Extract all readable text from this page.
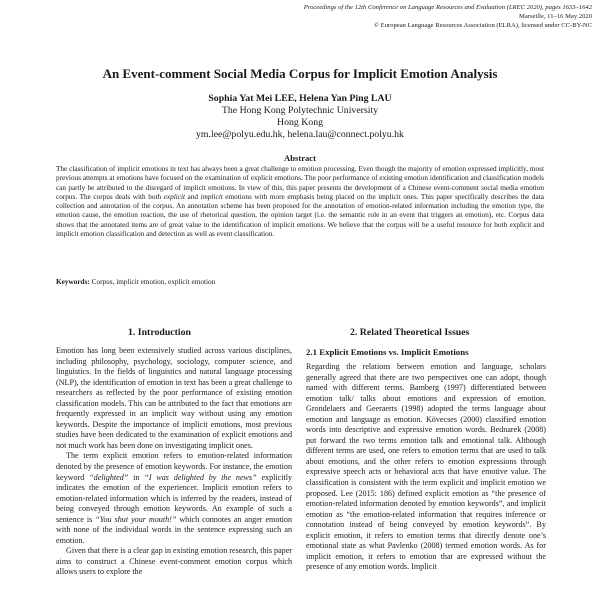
Proceedings of the 12th Conference on Language Resources and Evaluation (LREC 2020), pages 1633–1642
Marseille, 11–16 May 2020
© European Language Resources Association (ELRA), licensed under CC-BY-NC
An Event-comment Social Media Corpus for Implicit Emotion Analysis
Sophia Yat Mei LEE, Helena Yan Ping LAU
The Hong Kong Polytechnic University
Hong Kong
ym.lee@polyu.edu.hk, helena.lau@connect.polyu.hk
Abstract

The classification of implicit emotions in text has always been a great challenge to emotion processing. Even though the majority of emotion expressed implicitly, most previous attempts at emotions have focused on the examination of explicit emotions. The poor performance of existing emotion identification and classification models can partly be attributed to the disregard of implicit emotions. In view of this, this paper presents the development of a Chinese event-comment social media emotion corpus. The corpus deals with both explicit and implicit emotions with more emphasis being placed on the implicit ones. This paper specifically describes the data collection and annotation of the corpus. An annotation scheme has been proposed for the annotation of emotion-related information including the emotion type, the emotion cause, the emotion reaction, the use of rhetorical question, the opinion target (i.e. the semantic role in an event that triggers an emotion), etc. Corpus data shows that the annotated items are of great value to the identification of implicit emotions. We believe that the corpus will be a useful resource for both explicit and implicit emotion classification and detection as well as event classification.

Keywords: Corpus, implicit emotion, explicit emotion

1. Introduction	2. Related Theoretical Issues
2.1 Explicit Emotions vs. Implicit Emotions

Emotion has long been extensively studied across various disciplines, including philosophy, psychology, sociology, computer science, and linguistics. In the fields of linguistics and natural language processing (NLP), the identification of emotion in text has been a great challenge to researchers as reflected by the poor performance of existing emotion classification models. This can be attributed to the fact that emotions are frequently expressed in an implicit way without using any emotion keywords. Despite the importance of implicit emotions, most previous studies have been dedicated to the examination of explicit emotions and not much work has been done on investigating implicit ones.

The term explicit emotion refers to emotion-related information denoted by the presence of emotion keywords. For instance, the emotion keyword “delighted” in “I was delighted by the news” explicitly indicates the emotion of the experiencer. Implicit emotion refers to emotion-related information which is inferred by the readers, instead of being conveyed through emotion keywords. An example of such a sentence is “You shut your mouth!” which connotes an anger emotion with none of the individual words in the sentence expressing such an emotion.

Given that there is a clear gap in existing emotion research, this paper aims to construct a Chinese event-comment emotion corpus which allows users to explore the

Regarding the relations between emotion and language, scholars generally agreed that there are two perspectives one can adopt, though named with different terms. Bamberg (1997) differentiated between emotion talk/ talks about emotions and expression of emotion. Grondelaers and Geeraerts (1998) adopted the terms language about emotion and language as emotion. Kövecses (2000) classified emotion words into descriptive and expressive emotion words. Bednarek (2008) put forward the two terms emotion talk and emotional talk. Although different terms are used, one refers to emotion terms that are used to talk about emotions, and the other refers to emotion expressions through expressive speech acts or behavioral acts that have emotive value. The classification is consistent with the term explicit and implicit emotion we proposed. Lee (2015: 186) defined explicit emotion as “the presence of emotion-related information denoted by emotion keywords”, and implicit emotion as “the emotion-related information that requires inference or connotation instead of being conveyed by emotion keywords”. By explicit emotion, it refers to emotion terms that directly denote one’s emotional state as what Pavlenko (2008) termed emotion words. As for implicit emotion, it refers to emotion that are expressed without the presence of any emotion words. Implicit
